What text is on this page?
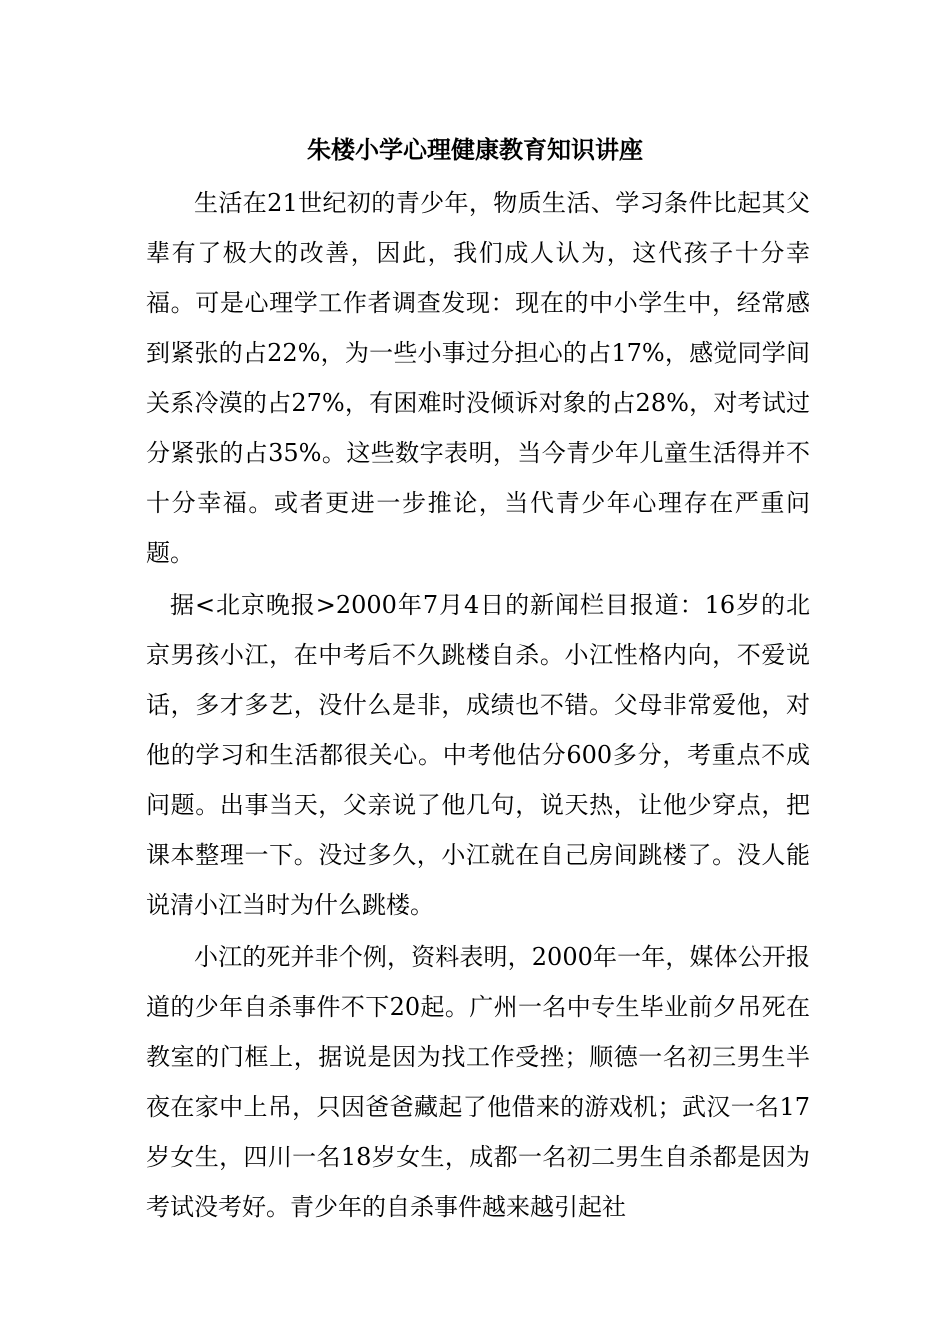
朱楼小学心理健康教育知识讲座

生活在21世纪初的青少年，物质生活、学习条件比起其父辈有了极大的改善，因此，我们成人认为，这代孩子十分幸福。可是心理学工作者调查发现：现在的中小学生中，经常感到紧张的占22%，为一些小事过分担心的占17%，感觉同学间关系冷漠的占27%，有困难时没倾诉对象的占28%，对考试过分紧张的占35%。这些数字表明，当今青少年儿童生活得并不十分幸福。或者更进一步推论，当代青少年心理存在严重问题。

据<北京晚报>2000年7月4日的新闻栏目报道：16岁的北京男孩小江，在中考后不久跳楼自杀。小江性格内向，不爱说话，多才多艺，没什么是非，成绩也不错。父母非常爱他，对他的学习和生活都很关心。中考他估分600多分，考重点不成问题。出事当天，父亲说了他几句，说天热，让他少穿点，把课本整理一下。没过多久，小江就在自己房间跳楼了。没人能说清小江当时为什么跳楼。

小江的死并非个例，资料表明，2000年一年，媒体公开报道的少年自杀事件不下20起。广州一名中专生毕业前夕吊死在教室的门框上，据说是因为找工作受挫；顺德一名初三男生半夜在家中上吊，只因爸爸藏起了他借来的游戏机；武汉一名17岁女生，四川一名18岁女生，成都一名初二男生自杀都是因为考试没考好。青少年的自杀事件越来越引起社
